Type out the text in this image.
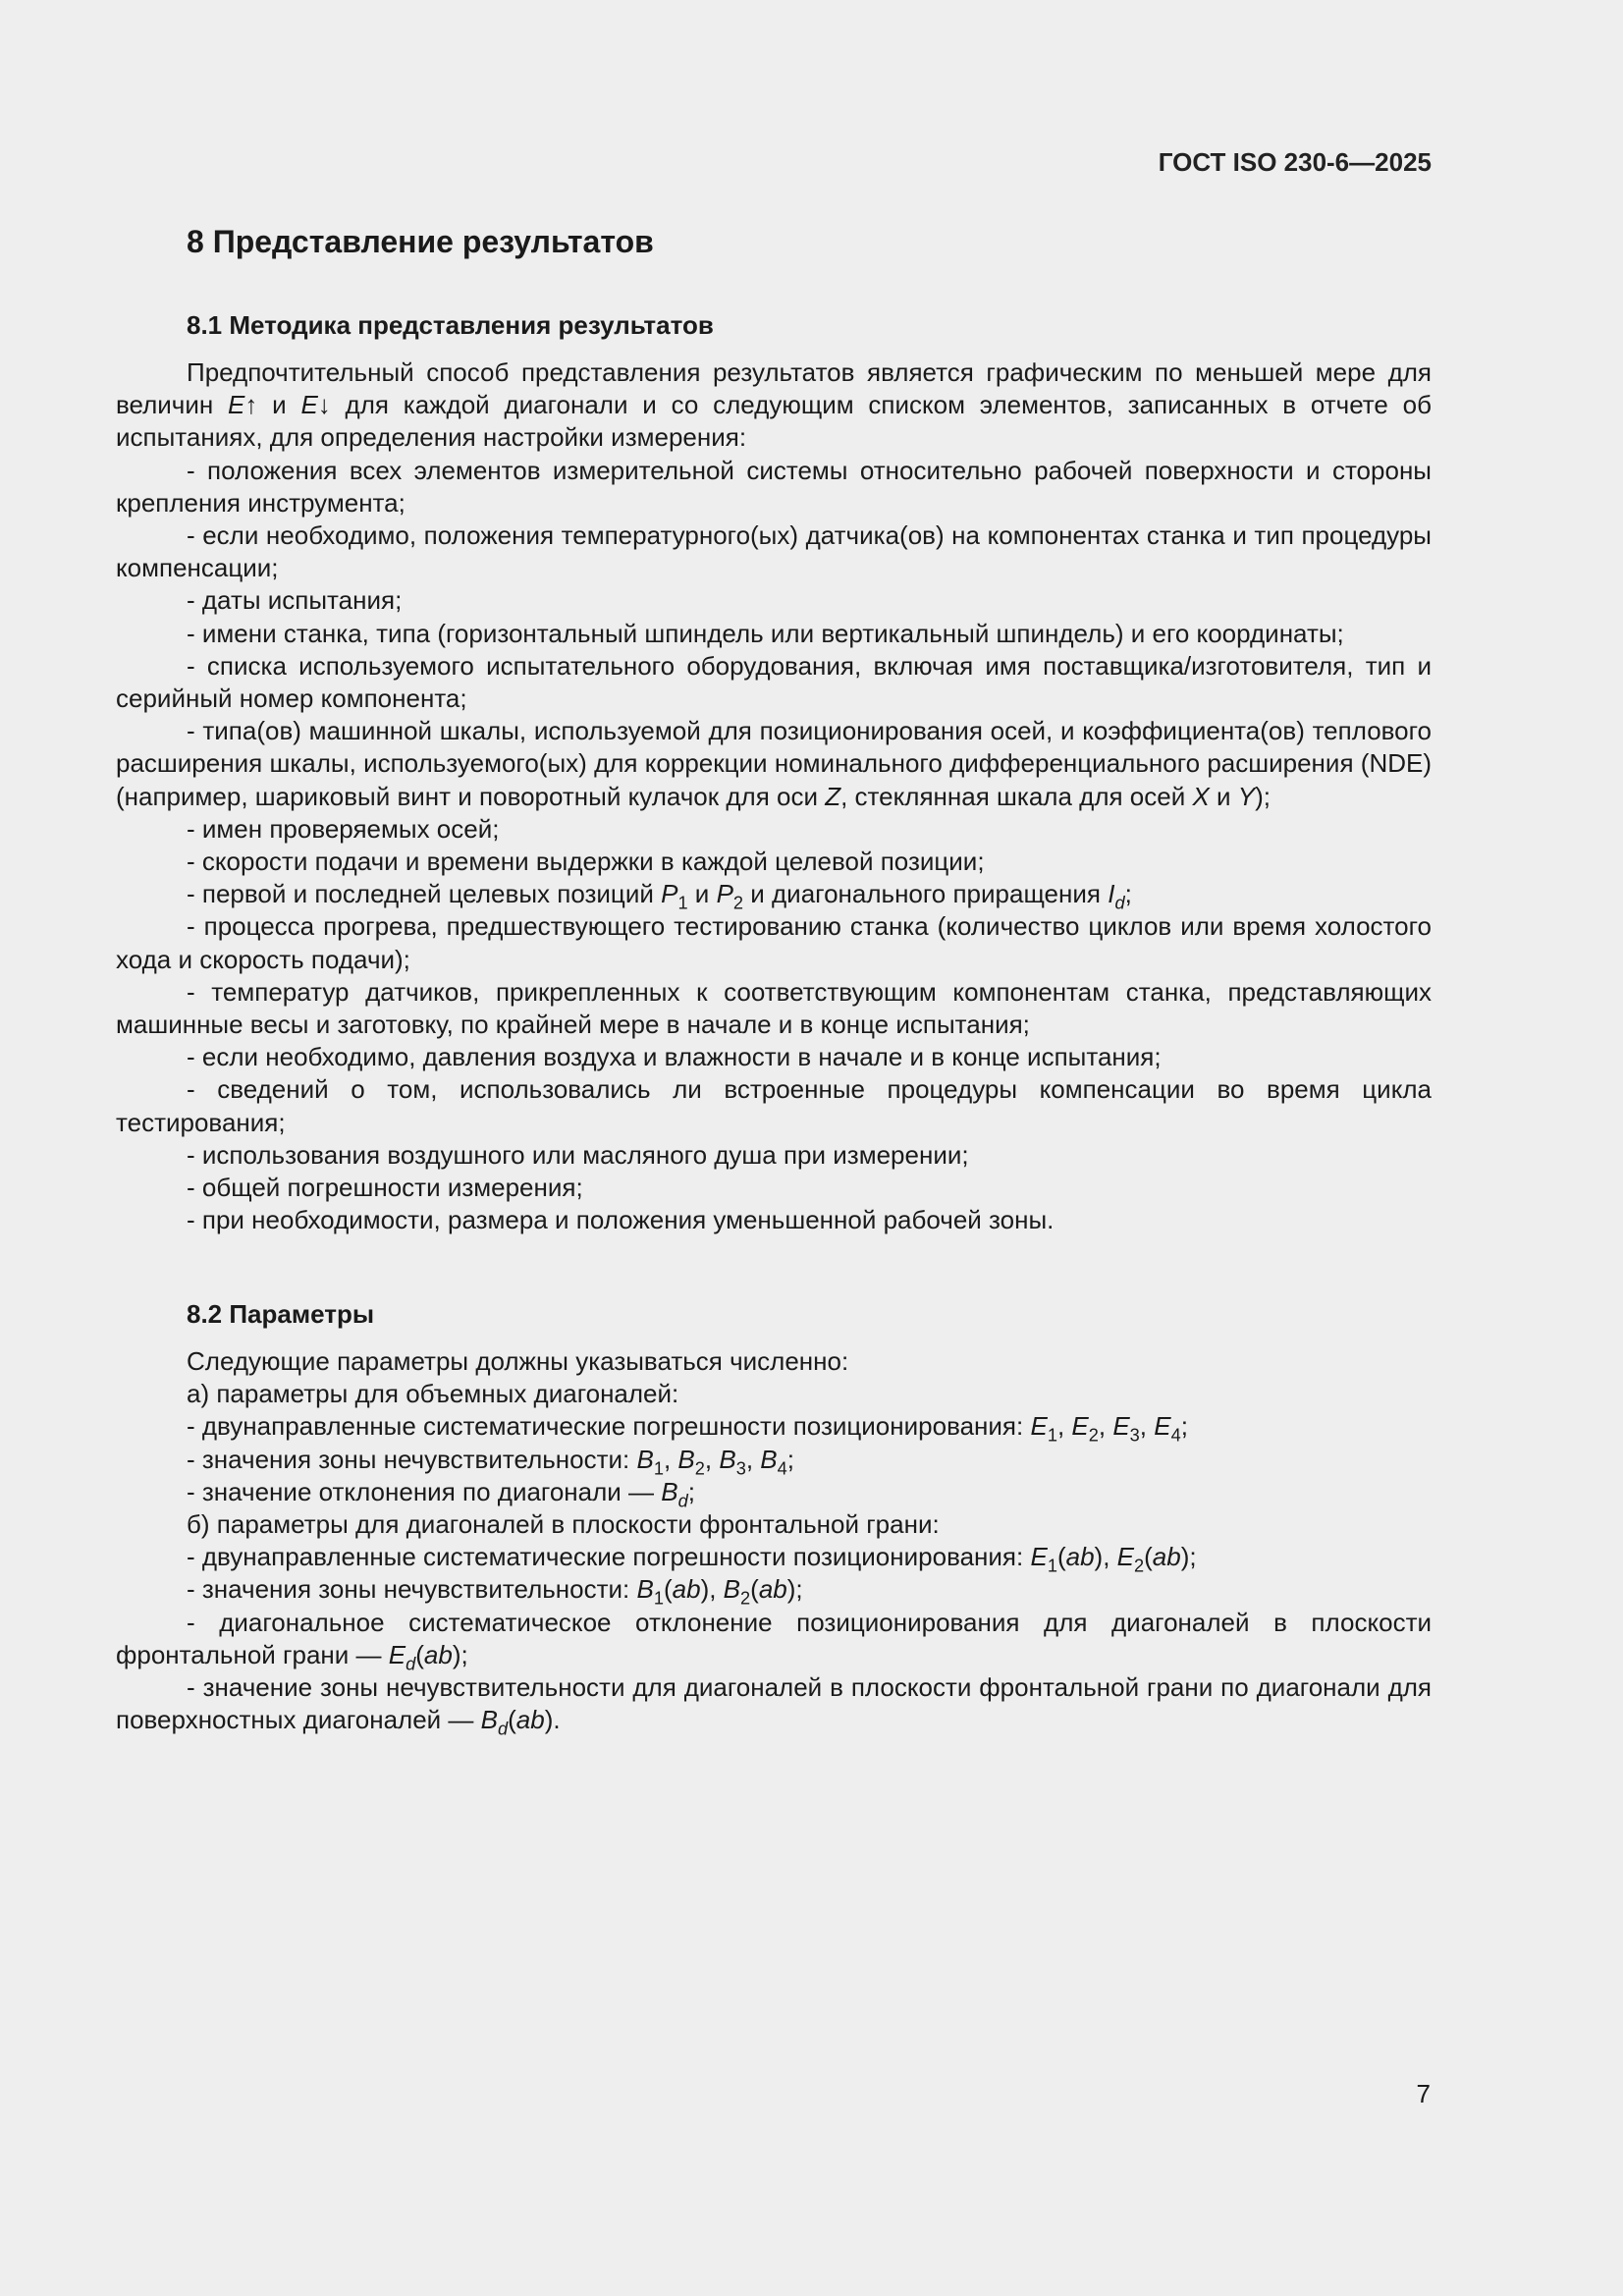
ГОСТ ISO 230-6—2025
8 Представление результатов
8.1 Методика представления результатов

Предпочтительный способ представления результатов является графическим по меньшей мере для величин E↑ и E↓ для каждой диагонали и со следующим списком элементов, записанных в отчете об испытаниях, для определения настройки измерения:

- положения всех элементов измерительной системы относительно рабочей поверхности и стороны крепления инструмента;

- если необходимо, положения температурного(ых) датчика(ов) на компонентах станка и тип процедуры компенсации;

- даты испытания;

- имени станка, типа (горизонтальный шпиндель или вертикальный шпиндель) и его координаты;

- списка используемого испытательного оборудования, включая имя поставщика/изготовителя, тип и серийный номер компонента;

- типа(ов) машинной шкалы, используемой для позиционирования осей, и коэффициента(ов) теплового расширения шкалы, используемого(ых) для коррекции номинального дифференциального расширения (NDE) (например, шариковый винт и поворотный кулачок для оси Z, стеклянная шкала для осей X и Y);

- имен проверяемых осей;

- скорости подачи и времени выдержки в каждой целевой позиции;

- первой и последней целевых позиций $P_1$ и $P_2$ и диагонального приращения $I_d$;

- процесса прогрева, предшествующего тестированию станка (количество циклов или время холостого хода и скорость подачи);

- температур датчиков, прикрепленных к соответствующим компонентам станка, представляющих машинные весы и заготовку, по крайней мере в начале и в конце испытания;

- если необходимо, давления воздуха и влажности в начале и в конце испытания;

- сведений о том, использовались ли встроенные процедуры компенсации во время цикла тестирования;

- использования воздушного или масляного душа при измерении;

- общей погрешности измерения;

- при необходимости, размера и положения уменьшенной рабочей зоны.

8.2 Параметры

Следующие параметры должны указываться численно:

а) параметры для объемных диагоналей:

- двунаправленные систематические погрешности позиционирования: $E_1$, $E_2$, $E_3$, $E_4$;

- значения зоны нечувствительности: $B_1$, $B_2$, $B_3$, $B_4$;

- значение отклонения по диагонали — $B_d$;

б) параметры для диагоналей в плоскости фронтальной грани:

- двунаправленные систематические погрешности позиционирования: $E_1(ab)$, $E_2(ab)$;

- значения зоны нечувствительности: $B_1(ab)$, $B_2(ab)$;

- диагональное систематическое отклонение позиционирования для диагоналей в плоскости фронтальной грани — $E_d(ab)$;

- значение зоны нечувствительности для диагоналей в плоскости фронтальной грани по диагонали для поверхностных диагоналей — $B_d(ab)$.

7
